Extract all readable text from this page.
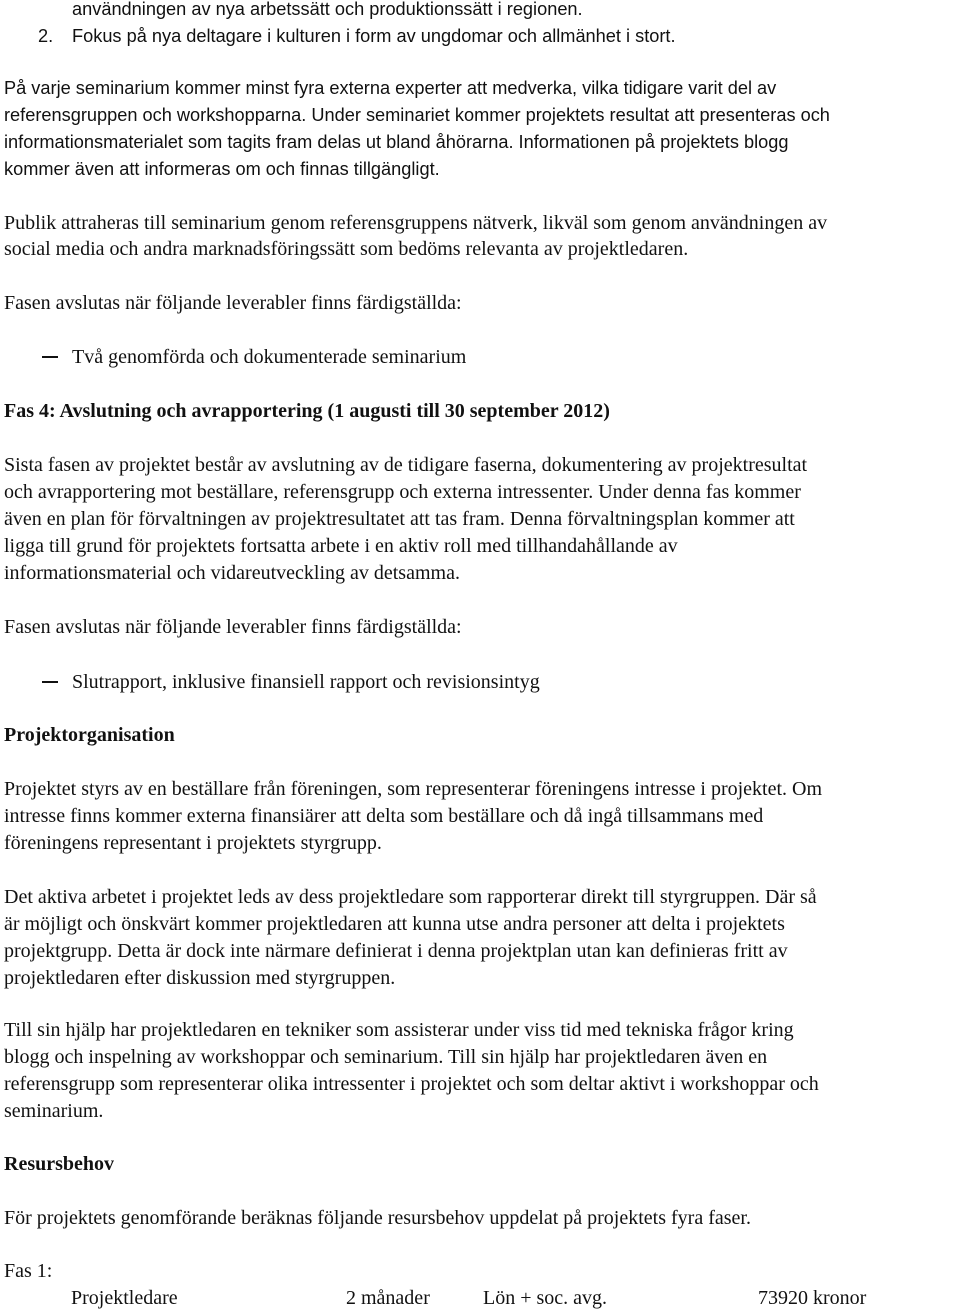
användningen av nya arbetssätt och produktionssätt i regionen.

2. Fokus på nya deltagare i kulturen i form av ungdomar och allmänhet i stort.

På varje seminarium kommer minst fyra externa experter att medverka, vilka tidigare varit del av

referensgruppen och workshopparna. Under seminariet kommer projektets resultat att presenteras och

informationsmaterialet som tagits fram delas ut bland åhörarna. Informationen på projektets blogg

kommer även att informeras om och finnas tillgängligt.

Publik attraheras till seminarium genom referensgruppens nätverk, likväl som genom användningen av

social media och andra marknadsföringssätt som bedöms relevanta av projektledaren.

Fasen avslutas när följande leverabler finns färdigställda:

Två genomförda och dokumenterade seminarium

Fas 4: Avslutning och avrapportering (1 augusti till 30 september 2012)

Sista fasen av projektet består av avslutning av de tidigare faserna, dokumentering av projektresultat

och avrapportering mot beställare, referensgrupp och externa intressenter. Under denna fas kommer

även en plan för förvaltningen av projektresultatet att tas fram. Denna förvaltningsplan kommer att

ligga till grund för projektets fortsatta arbete i en aktiv roll med tillhandahållande av

informationsmaterial och vidareutveckling av detsamma.

Fasen avslutas när följande leverabler finns färdigställda:

Slutrapport, inklusive finansiell rapport och revisionsintyg

Projektorganisation

Projektet styrs av en beställare från föreningen, som representerar föreningens intresse i projektet. Om

intresse finns kommer externa finansiärer att delta som beställare och då ingå tillsammans med

föreningens representant i projektets styrgrupp.

Det aktiva arbetet i projektet leds av dess projektledare som rapporterar direkt till styrgruppen. Där så

är möjligt och önskvärt kommer projektledaren att kunna utse andra personer att delta i projektets

projektgrupp. Detta är dock inte närmare definierat i denna projektplan utan kan definieras fritt av

projektledaren efter diskussion med styrgruppen.

Till sin hjälp har projektledaren en tekniker som assisterar under viss tid med tekniska frågor kring

blogg och inspelning av workshoppar och seminarium. Till sin hjälp har projektledaren även en

referensgrupp som representerar olika intressenter i projektet och som deltar aktivt i workshoppar och

seminarium.

Resursbehov

För projektets genomförande beräknas följande resursbehov uppdelat på projektets fyra faser.

Fas 1:

Projektledare	2 månader	Lön + soc. avg.	73920 kronor
